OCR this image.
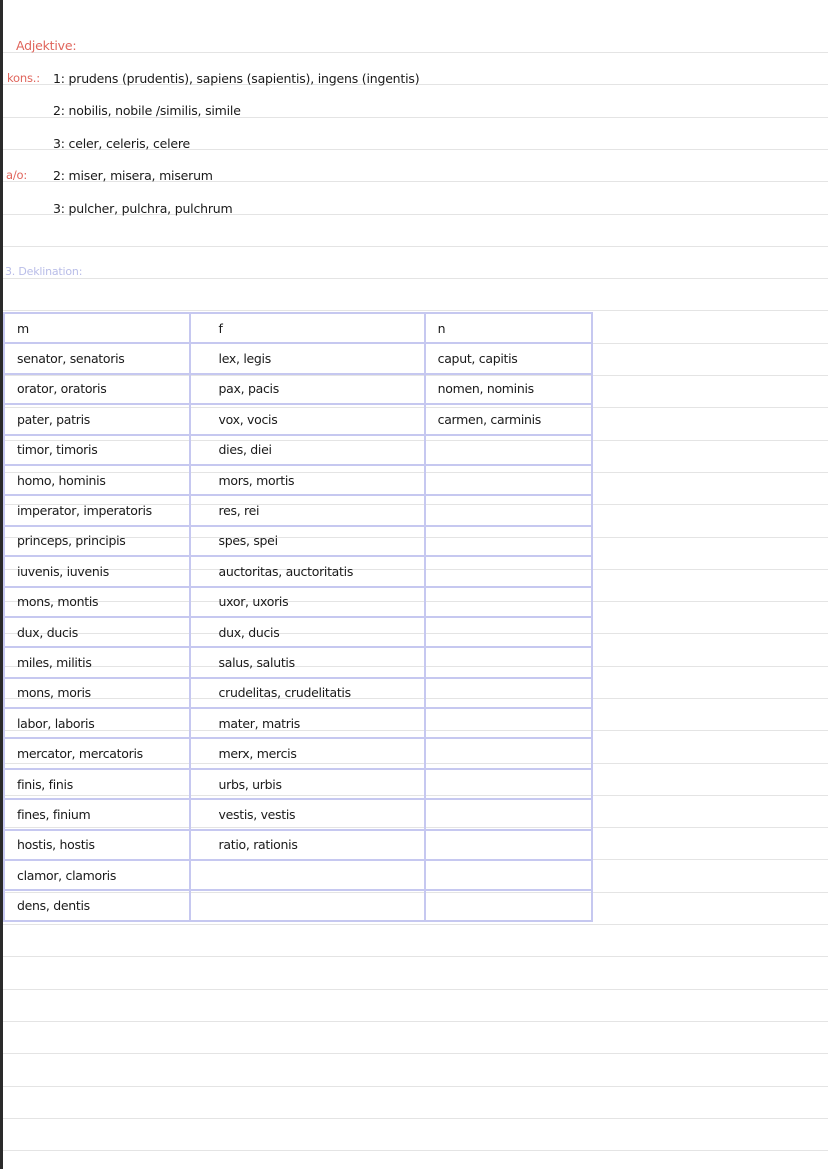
Adjektive:
kons.: 1: prudens (prudentis), sapiens (sapientis), ingens (ingentis)
2: nobilis, nobile /similis, simile
3: celer, celeris, celere
a/o: 2: miser, misera, miserum
3: pulcher, pulchra, pulchrum
3. Deklination:
m	f	n
senator, senatoris	lex, legis	caput, capitis
orator, oratoris	pax, pacis	nomen, nominis
pater, patris	vox, vocis	carmen, carminis
timor, timoris	dies, diei	
homo, hominis	mors, mortis	
imperator, imperatoris	res, rei	
princeps, principis	spes, spei	
iuvenis, iuvenis	auctoritas, auctoritatis	
mons, montis	uxor, uxoris	
dux, ducis	dux, ducis	
miles, militis	salus, salutis	
mons, moris	crudelitas, crudelitatis	
labor, laboris	mater, matris	
mercator, mercatoris	merx, mercis	
finis, finis	urbs, urbis	
fines, finium	vestis, vestis	
hostis, hostis	ratio, rationis	
clamor, clamoris		
dens, dentis		
